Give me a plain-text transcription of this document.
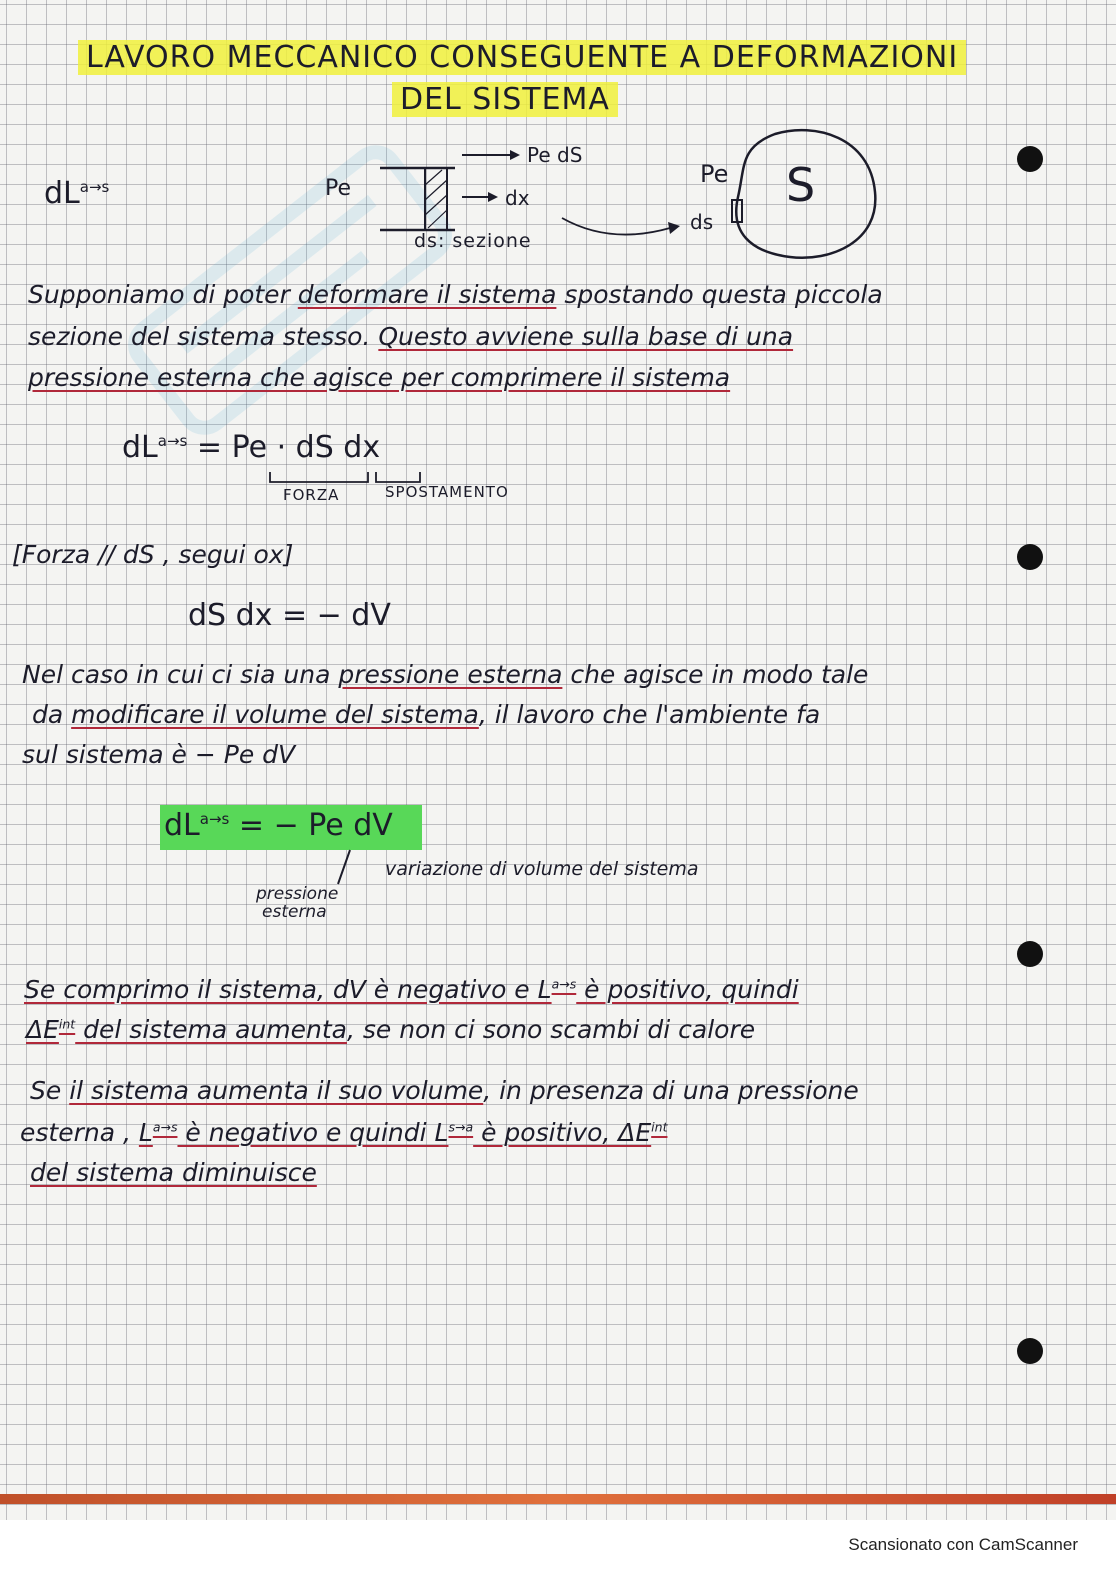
LAVORO MECCANICO CONSEGUENTE A DEFORMAZIONI
DEL SISTEMA
$dL^{a\to s}$	Pe
Pe dS
dx
ds: sezione
Pe
ds
S
Supponiamo di poter deformare il sistema spostando questa piccola
sezione del sistema stesso. Questo avviene sulla base di una
pressione esterna che agisce per comprimere il sistema
$dL^{a\to s} = Pe$ · dS dx
FORZA	SPOSTAMENTO
[Forza // dS , segui ox]
dS dx = − dV
Nel caso in cui ci sia una pressione esterna che agisce in modo tale
da modificare il volume del sistema, il lavoro che l'ambiente fa
sul sistema è − Pe dV
$dL^{a\to s}$ = − Pe dV
variazione di volume del sistema
pressione
esterna
Se comprimo il sistema, dV è negativo e $L^{a\to s}$ è positivo, quindi
$\Delta E^{int}$ del sistema aumenta, se non ci sono scambi di calore
Se il sistema aumenta il suo volume, in presenza di una pressione
esterna , $L^{a\to s}$ è negativo e quindi $L^{s\to a}$ è positivo, $\Delta E^{int}$
del sistema diminuisce
Scansionato con CamScanner
